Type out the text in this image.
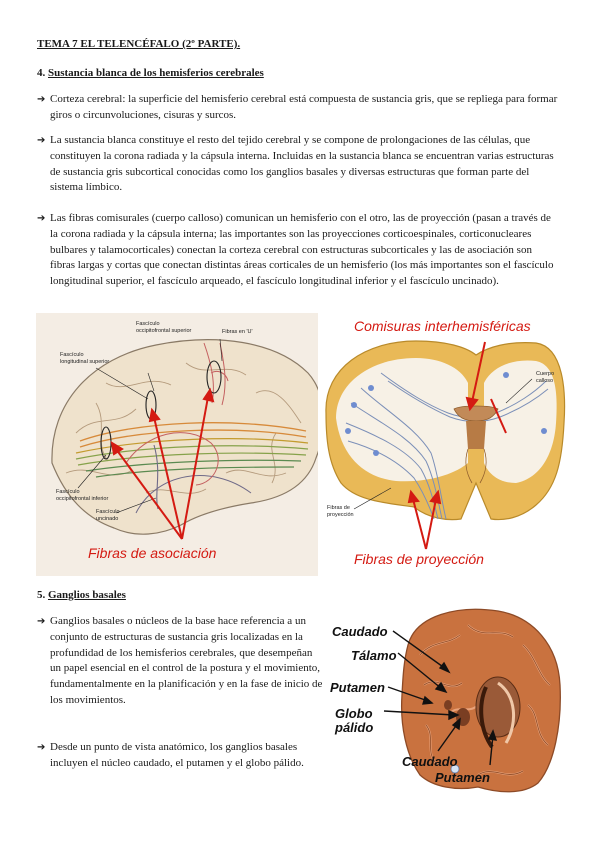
TEMA 7 EL TELENCÉFALO (2º PARTE).
4. Sustancia blanca de los hemisferios cerebrales
➔ Corteza cerebral: la superficie del hemisferio cerebral está compuesta de sustancia gris, que se repliega para formar giros o circunvoluciones, cisuras y surcos.
➔ La sustancia blanca constituye el resto del tejido cerebral y se compone de prolongaciones de las células, que constituyen la corona radiada y la cápsula interna. Incluidas en la sustancia blanca se encuentran varias estructuras de sustancia gris subcortical conocidas como los ganglios basales y diversas estructuras que forman parte del sistema límbico.
➔ Las fibras comisurales (cuerpo calloso) comunican un hemisferio con el otro, las de proyección (pasan a través de la corona radiada y la cápsula interna; las importantes son las proyecciones corticoespinales, corticonucleares bulbares y talamocorticales) conectan la corteza cerebral con estructuras subcorticales y las de asociación son fibras largas y cortas que conectan distintas áreas corticales de un hemisferio (los más importantes son el fascículo longitudinal superior, el fascículo arqueado, el fascículo longitudinal inferior y el fascículo uncinado).
Fascículo
occipitofrontal superior
Fascículo
longitudinal superior
Fibras en 'U'
Fascículo
occipitofrontal inferior
Fascículo
uncinado
Cuerpo calloso
Fibras de
proyección
Comisuras interhemisféricas
Fibras de asociación	Fibras de proyección
5. Ganglios basales
➔ Ganglios basales o núcleos de la base hace referencia a un conjunto de estructuras de sustancia gris localizadas en la profundidad de los hemisferios cerebrales, que desempeñan un papel esencial en el control de la postura y el movimiento, fundamentalmente en la planificación y en la fase de inicio de los movimientos.
➔ Desde un punto de vista anatómico, los ganglios basales incluyen el núcleo caudado, el putamen y el globo pálido.
Caudado
Tálamo
Putamen
Globo
pálido
Caudado
Putamen
